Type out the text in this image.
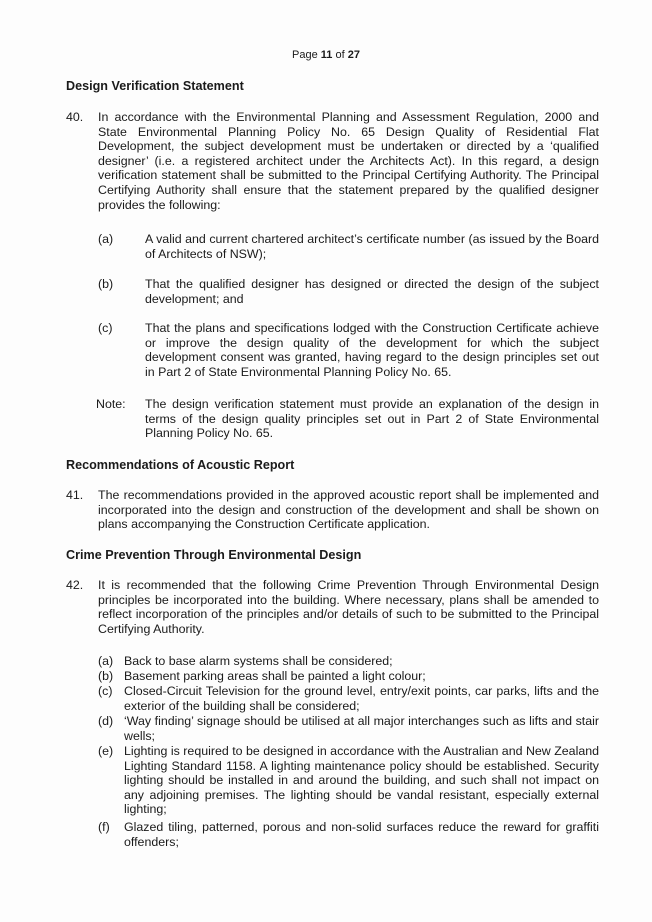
Page 11 of 27
Design Verification Statement
40. In accordance with the Environmental Planning and Assessment Regulation, 2000 and State Environmental Planning Policy No. 65 Design Quality of Residential Flat Development, the subject development must be undertaken or directed by a ‘qualified designer’ (i.e. a registered architect under the Architects Act). In this regard, a design verification statement shall be submitted to the Principal Certifying Authority. The Principal Certifying Authority shall ensure that the statement prepared by the qualified designer provides the following:

(a)	A valid and current chartered architect’s certificate number (as issued by the Board of Architects of NSW);

(b)	That the qualified designer has designed or directed the design of the subject development; and

(c)	That the plans and specifications lodged with the Construction Certificate achieve or improve the design quality of the development for which the subject development consent was granted, having regard to the design principles set out in Part 2 of State Environmental Planning Policy No. 65.

Note: The design verification statement must provide an explanation of the design in terms of the design quality principles set out in Part 2 of State Environmental Planning Policy No. 65.

Recommendations of Acoustic Report
41. The recommendations provided in the approved acoustic report shall be implemented and incorporated into the design and construction of the development and shall be shown on plans accompanying the Construction Certificate application.

Crime Prevention Through Environmental Design
42. It is recommended that the following Crime Prevention Through Environmental Design principles be incorporated into the building. Where necessary, plans shall be amended to reflect incorporation of the principles and/or details of such to be submitted to the Principal Certifying Authority.

(a) Back to base alarm systems shall be considered;

(b) Basement parking areas shall be painted a light colour;

(c) Closed-Circuit Television for the ground level, entry/exit points, car parks, lifts and the exterior of the building shall be considered;

(d) ‘Way finding’ signage should be utilised at all major interchanges such as lifts and stair wells;

(e) Lighting is required to be designed in accordance with the Australian and New Zealand Lighting Standard 1158. A lighting maintenance policy should be established. Security lighting should be installed in and around the building, and such shall not impact on any adjoining premises. The lighting should be vandal resistant, especially external lighting;

(f) Glazed tiling, patterned, porous and non-solid surfaces reduce the reward for graffiti offenders;
